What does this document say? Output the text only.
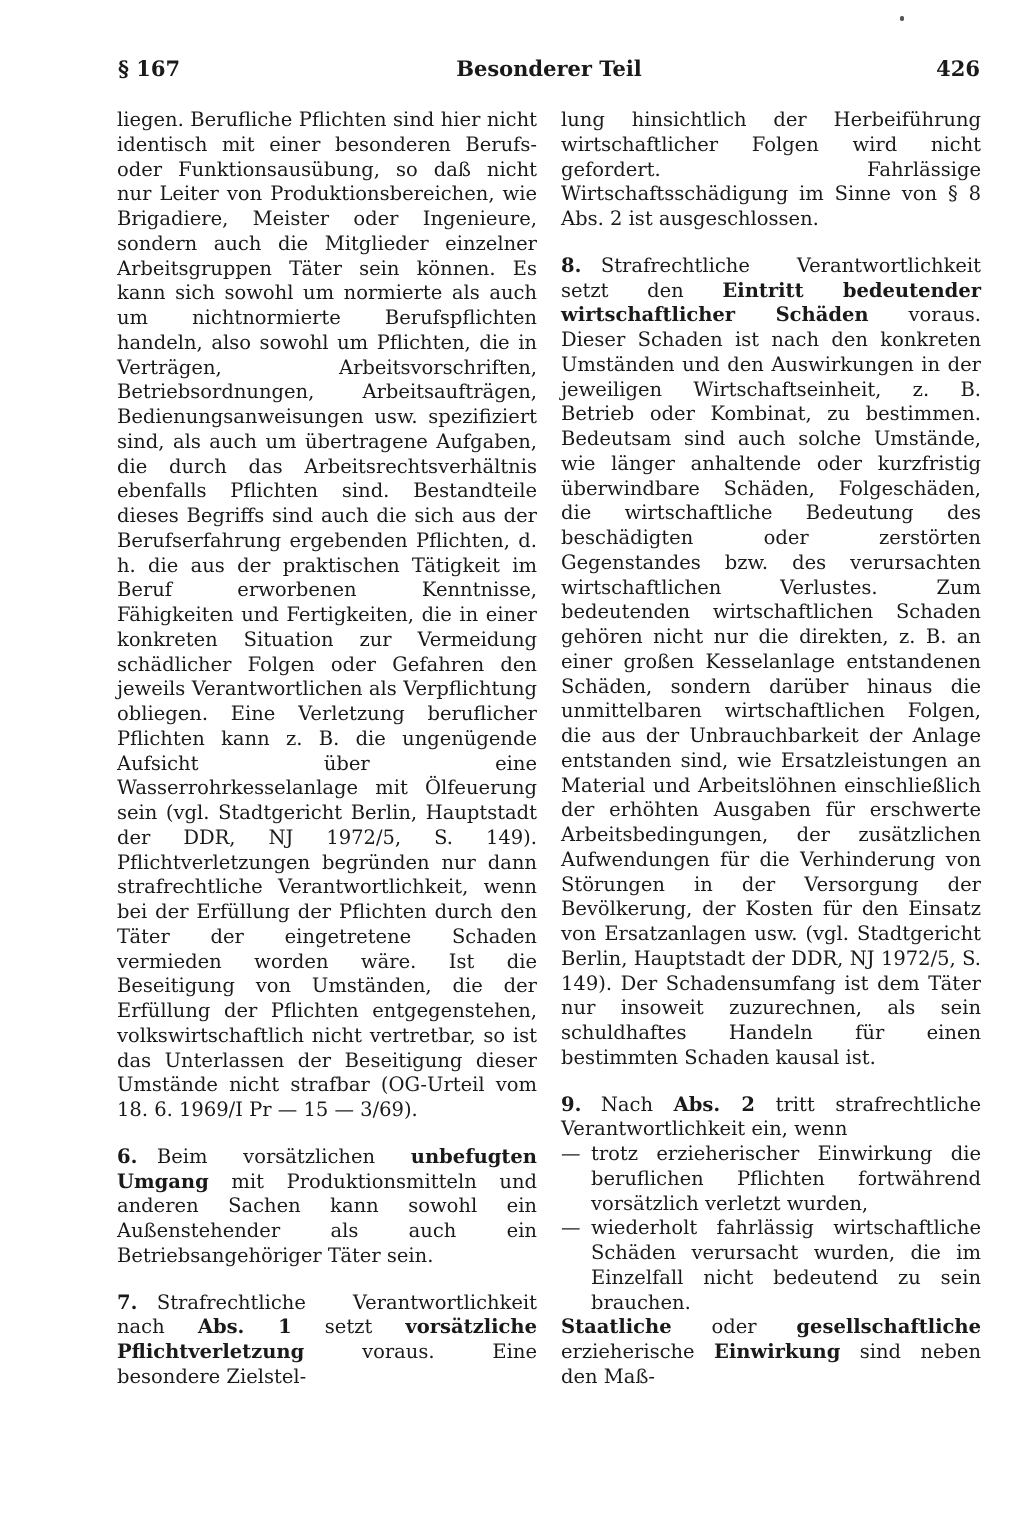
§ 167	Besonderer Teil	426

liegen. Berufliche Pflichten sind hier nicht identisch mit einer besonderen Berufs- oder Funktionsausübung, so daß nicht nur Leiter von Produktionsbereichen, wie Brigadiere, Meister oder Ingenieure, sondern auch die Mitglieder einzelner Arbeitsgruppen Täter sein können. Es kann sich sowohl um normierte als auch um nichtnormierte Berufspflichten handeln, also sowohl um Pflichten, die in Verträgen, Arbeitsvorschriften, Betriebsordnungen, Arbeitsaufträgen, Bedienungsanweisungen usw. spezifiziert sind, als auch um übertragene Aufgaben, die durch das Arbeitsrechtsverhältnis ebenfalls Pflichten sind. Bestandteile dieses Begriffs sind auch die sich aus der Berufserfahrung ergebenden Pflichten, d. h. die aus der praktischen Tätigkeit im Beruf erworbenen Kenntnisse, Fähigkeiten und Fertigkeiten, die in einer konkreten Situation zur Vermeidung schädlicher Folgen oder Gefahren den jeweils Verantwortlichen als Verpflichtung obliegen. Eine Verletzung beruflicher Pflichten kann z. B. die ungenügende Aufsicht über eine Wasserrohrkesselanlage mit Ölfeuerung sein (vgl. Stadtgericht Berlin, Hauptstadt der DDR, NJ 1972/5, S. 149). Pflichtverletzungen begründen nur dann strafrechtliche Verantwortlichkeit, wenn bei der Erfüllung der Pflichten durch den Täter der eingetretene Schaden vermieden worden wäre. Ist die Beseitigung von Umständen, die der Erfüllung der Pflichten entgegenstehen, volkswirtschaftlich nicht vertretbar, so ist das Unterlassen der Beseitigung dieser Umstände nicht strafbar (OG-Urteil vom 18. 6. 1969/I Pr — 15 — 3/69).

6.  Beim vorsätzlichen unbefugten Umgang mit Produktionsmitteln und anderen Sachen kann sowohl ein Außenstehender als auch ein Betriebsangehöriger Täter sein.

7.  Strafrechtliche Verantwortlichkeit nach Abs. 1 setzt vorsätzliche Pflichtverletzung	voraus. Eine besondere Zielstel-

lung hinsichtlich der Herbeiführung wirtschaftlicher Folgen wird nicht gefordert. Fahrlässige Wirtschaftsschädigung im Sinne von § 8 Abs. 2 ist ausgeschlossen.

8.  Strafrechtliche Verantwortlichkeit setzt den Eintritt bedeutender wirtschaftlicher Schäden voraus. Dieser Schaden ist nach den konkreten Umständen und den Auswirkungen in der jeweiligen Wirtschaftseinheit, z. B. Betrieb oder Kombinat, zu bestimmen. Bedeutsam sind auch solche Umstände, wie länger anhaltende oder kurzfristig überwindbare Schäden, Folgeschäden, die wirtschaftliche Bedeutung des beschädigten oder zerstörten Gegenstandes bzw. des verursachten wirtschaftlichen Verlustes. Zum bedeutenden wirtschaftlichen Schaden gehören nicht nur die direkten, z. B. an einer großen Kesselanlage entstandenen Schäden, sondern darüber hinaus die unmittelbaren wirtschaftlichen Folgen, die aus der Unbrauchbarkeit der Anlage entstanden sind, wie Ersatzleistungen an Material und Arbeitslöhnen einschließlich der erhöhten Ausgaben für erschwerte Arbeitsbedingungen, der zusätzlichen Aufwendungen für die Verhinderung von Störungen in der Versorgung der Bevölkerung, der Kosten für den Einsatz von Ersatzanlagen usw. (vgl. Stadtgericht Berlin, Hauptstadt der DDR, NJ 1972/5, S. 149). Der Schadensumfang ist dem Täter nur insoweit zuzurechnen, als sein schuldhaftes Handeln für einen bestimmten Schaden kausal ist.

9.  Nach Abs. 2 tritt strafrechtliche Verantwortlichkeit ein, wenn

— trotz erzieherischer Einwirkung die beruflichen Pflichten fortwährend vorsätzlich verletzt wurden,
— wiederholt fahrlässig wirtschaftliche Schäden verursacht wurden, die im Einzelfall nicht bedeutend zu sein brauchen.

Staatliche oder gesellschaftliche erzieherische Einwirkung sind neben den Maß-
